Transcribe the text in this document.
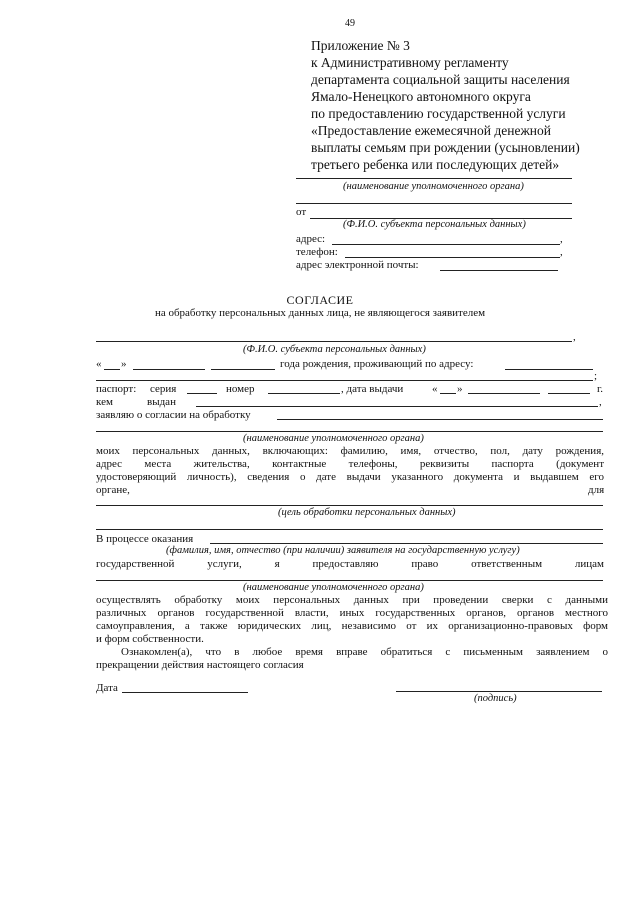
49
Приложение № 3
к Административному регламенту
департамента социальной защиты населения
Ямало-Ненецкого автономного округа
по предоставлению государственной услуги
«Предоставление ежемесячной денежной
выплаты семьям при рождении (усыновлении)
третьего ребенка или последующих детей»
(наименование уполномоченного органа)
от
(Ф.И.О. субъекта персональных данных)
адрес:	,
телефон:	,
адрес электронной почты:
СОГЛАСИЕ
на обработку персональных данных лица, не являющегося заявителем
,
(Ф.И.О. субъекта персональных данных)
« »	года рождения, проживающий по адресу:
;
паспорт: серия	номер	, дата выдачи	« »	г.
кем	выдан	,
заявляю о согласии на обработку
(наименование уполномоченного органа)
моих персональных данных, включающих: фамилию, имя, отчество, пол, дату рождения,
адрес места жительства, контактные телефоны, реквизиты паспорта (документ
удостоверяющий личность), сведения о дате выдачи указанного документа и выдавшем его
органе,	для
(цель обработки персональных данных)
В процессе оказания
(фамилия, имя, отчество (при наличии) заявителя на государственную услугу)
государственной услуги, я предоставляю право ответственным лицам
(наименование уполномоченного органа)
осуществлять обработку моих персональных данных при проведении сверки с данными
различных органов государственной власти, иных государственных органов, органов местного
самоуправления, а также юридических лиц, независимо от их организационно-правовых форм
и форм собственности.
Ознакомлен(а), что в любое время вправе обратиться с письменным заявлением о
прекращении действия настоящего согласия
Дата
(подпись)
